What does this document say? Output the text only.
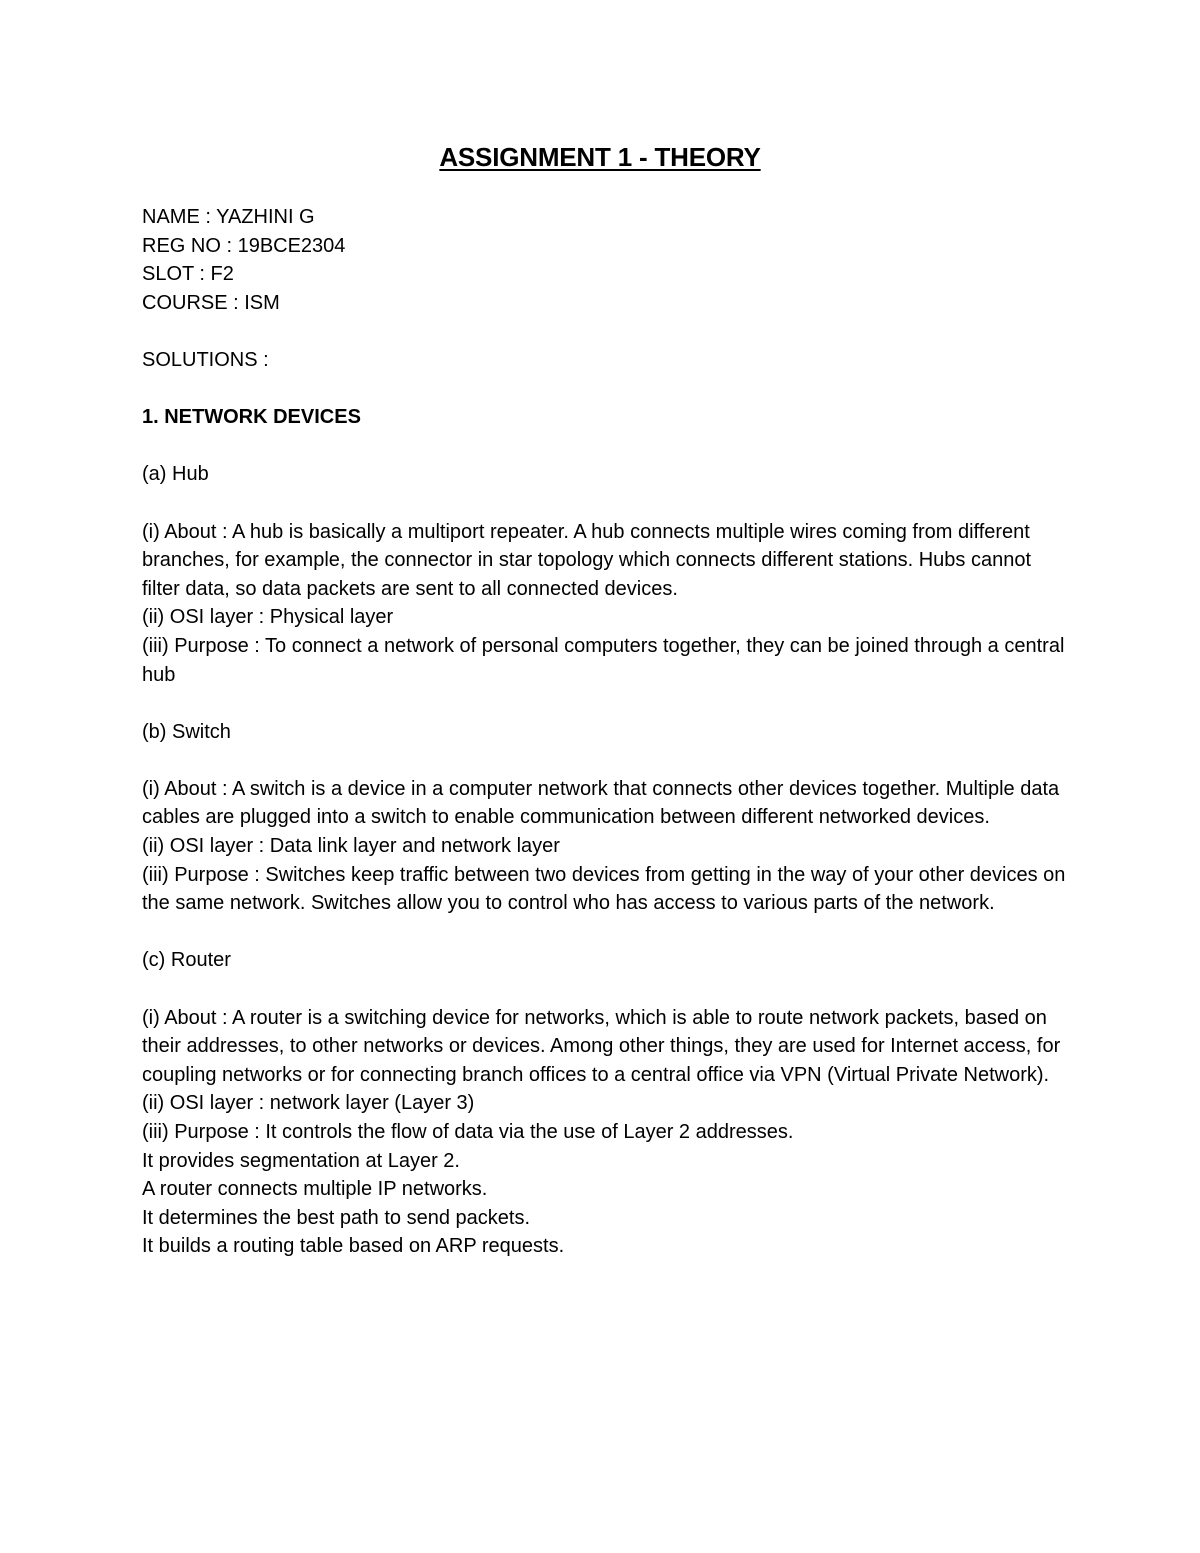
ASSIGNMENT 1 - THEORY

NAME : YAZHINI G

REG NO : 19BCE2304

SLOT : F2

COURSE : ISM

SOLUTIONS :

1. NETWORK DEVICES

(a) Hub

(i) About : A hub is basically a multiport repeater. A hub connects multiple wires coming from different branches, for example, the connector in star topology which connects different stations. Hubs cannot filter data, so data packets are sent to all connected devices.

(ii) OSI layer : Physical layer

(iii) Purpose : To connect a network of personal computers together, they can be joined through a central hub

(b) Switch

(i) About : A switch is a device in a computer network that connects other devices together. Multiple data cables are plugged into a switch to enable communication between different networked devices.

(ii) OSI layer : Data link layer and network layer

(iii) Purpose : Switches keep traffic between two devices from getting in the way of your other devices on the same network. Switches allow you to control who has access to various parts of the network.

(c) Router

(i) About : A router is a switching device for networks, which is able to route network packets, based on their addresses, to other networks or devices. Among other things, they are used for Internet access, for coupling networks or for connecting branch offices to a central office via VPN (Virtual Private Network).

(ii) OSI layer : network layer (Layer 3)

(iii) Purpose : It controls the flow of data via the use of Layer 2 addresses.

It provides segmentation at Layer 2.

A router connects multiple IP networks.

It determines the best path to send packets.

It builds a routing table based on ARP requests.
